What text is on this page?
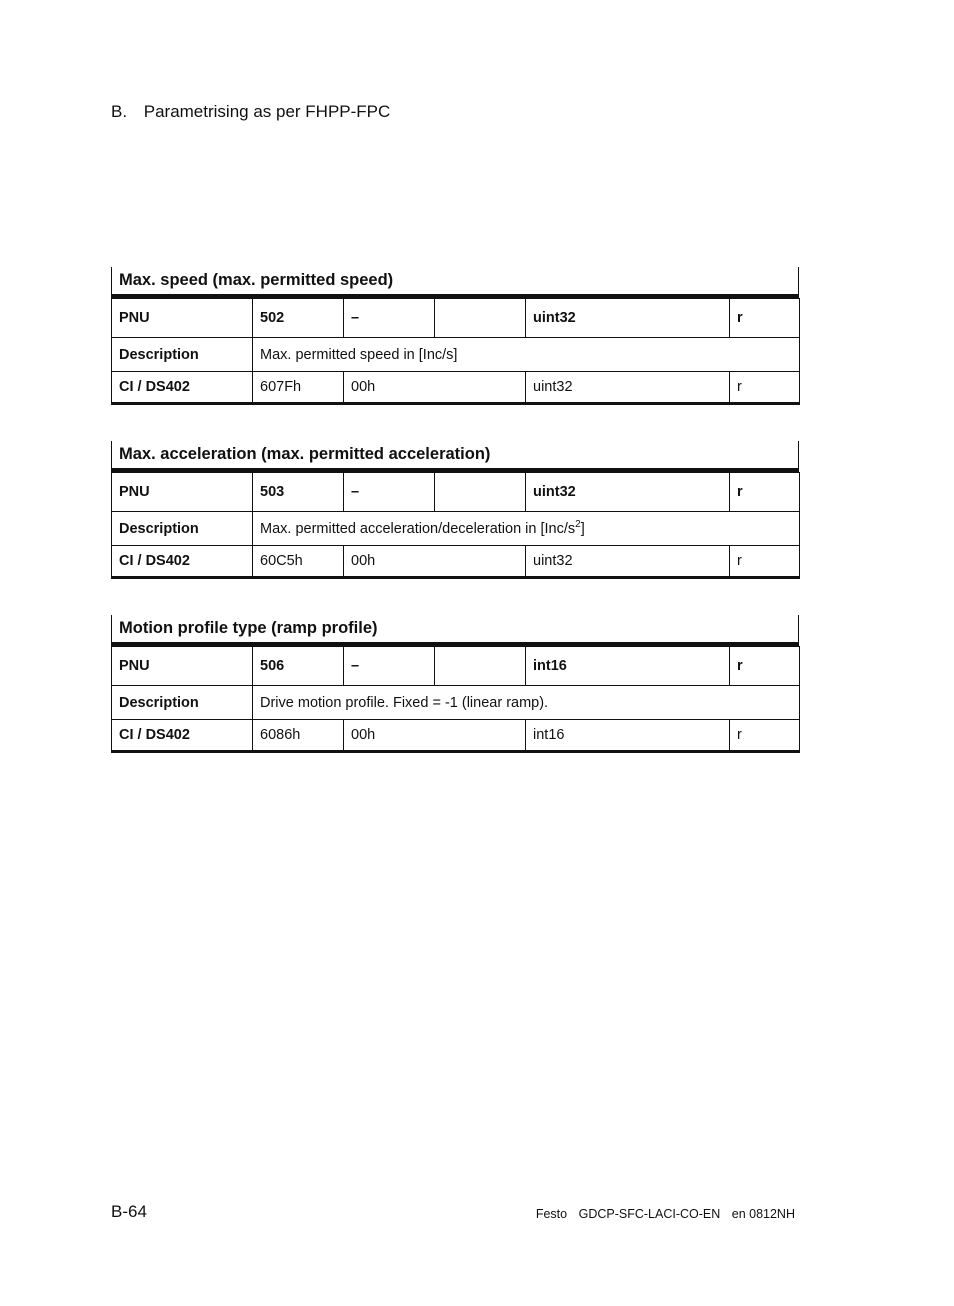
B. Parametrising as per FHPP-FPC
Max. speed (max. permitted speed)
PNU	502	–		uint32	r
Description	Max. permitted speed in [Inc/s]				
CI / DS402	607Fh	00h		uint32	r
Max. acceleration (max. permitted acceleration)
PNU	503	–		uint32	r
Description	Max. permitted acceleration/deceleration in $[Inc/s^2]$				
CI / DS402	60C5h	00h		uint32	r
Motion profile type (ramp profile)
PNU	506	–		int16	r
Description	Drive motion profile. Fixed = -1 (linear ramp).				
CI / DS402	6086h	00h		int16	r
B-64	Festo GDCP-SFC-LACI-CO-EN en 0812NH
